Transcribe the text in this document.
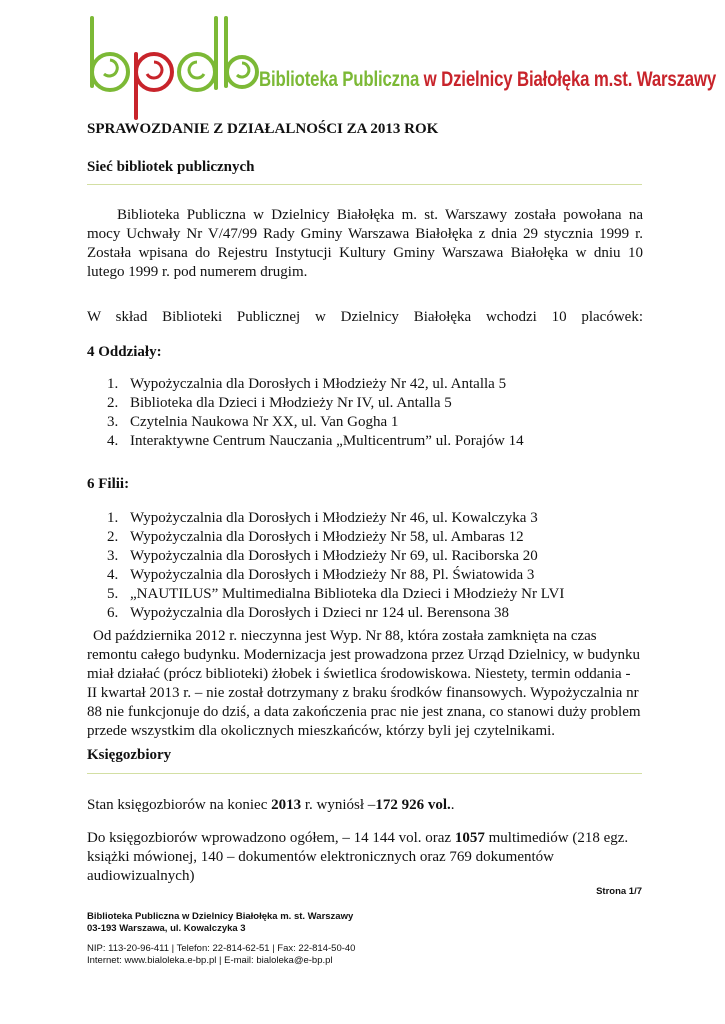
Biblioteka Publiczna w Dzielnicy Białołęka m.st. Warszawy
SPRAWOZDANIE Z DZIAŁALNOŚCI ZA 2013 ROK
Sieć bibliotek publicznych
Biblioteka Publiczna w Dzielnicy Białołęka m. st. Warszawy została powołana na mocy Uchwały Nr V/47/99 Rady Gminy Warszawa Białołęka z dnia 29 stycznia 1999 r. Została wpisana do Rejestru Instytucji Kultury Gminy Warszawa Białołęka w dniu 10 lutego 1999 r. pod numerem drugim.
W skład Biblioteki Publicznej w Dzielnicy Białołęka wchodzi 10 placówek:
4 Oddziały:
1. Wypożyczalnia dla Dorosłych i Młodzieży Nr 42, ul. Antalla 5
2. Biblioteka dla Dzieci i Młodzieży Nr IV, ul. Antalla 5
3. Czytelnia Naukowa Nr XX, ul. Van Gogha 1
4. Interaktywne Centrum Nauczania „Multicentrum” ul. Porajów 14
6 Filii:
1. Wypożyczalnia dla Dorosłych i Młodzieży Nr 46, ul. Kowalczyka 3
2. Wypożyczalnia dla Dorosłych i Młodzieży Nr 58, ul. Ambaras 12
3. Wypożyczalnia dla Dorosłych i Młodzieży Nr 69, ul. Raciborska 20
4. Wypożyczalnia dla Dorosłych i Młodzieży Nr 88, Pl. Światowida 3
5. „NAUTILUS” Multimedialna Biblioteka dla Dzieci i Młodzieży Nr LVI
6. Wypożyczalnia dla Dorosłych i Dzieci nr 124 ul. Berensona 38
Od października 2012 r. nieczynna jest Wyp. Nr 88, która została zamknięta na czas remontu całego budynku. Modernizacja jest prowadzona przez Urząd Dzielnicy, w budynku miał działać (prócz biblioteki) żłobek i świetlica środowiskowa. Niestety, termin oddania - II kwartał 2013 r. – nie został dotrzymany z braku środków finansowych. Wypożyczalnia nr 88 nie funkcjonuje do dziś, a data zakończenia prac nie jest znana, co stanowi duży problem przede wszystkim dla okolicznych mieszkańców, którzy byli jej czytelnikami.
Księgozbiory
Stan księgozbiorów na koniec 2013 r. wyniósł –172 926 vol..
Do księgozbiorów wprowadzono ogółem, – 14 144 vol. oraz 1057 multimediów (218 egz. książki mówionej, 140 – dokumentów elektronicznych oraz 769 dokumentów audiowizualnych)
Strona 1/7
Biblioteka Publiczna w Dzielnicy Białołęka m. st. Warszawy
03-193 Warszawa, ul. Kowalczyka 3
NIP: 113-20-96-411 | Telefon: 22-814-62-51 | Fax: 22-814-50-40
Internet: www.bialoleka.e-bp.pl | E-mail: bialoleka@e-bp.pl
